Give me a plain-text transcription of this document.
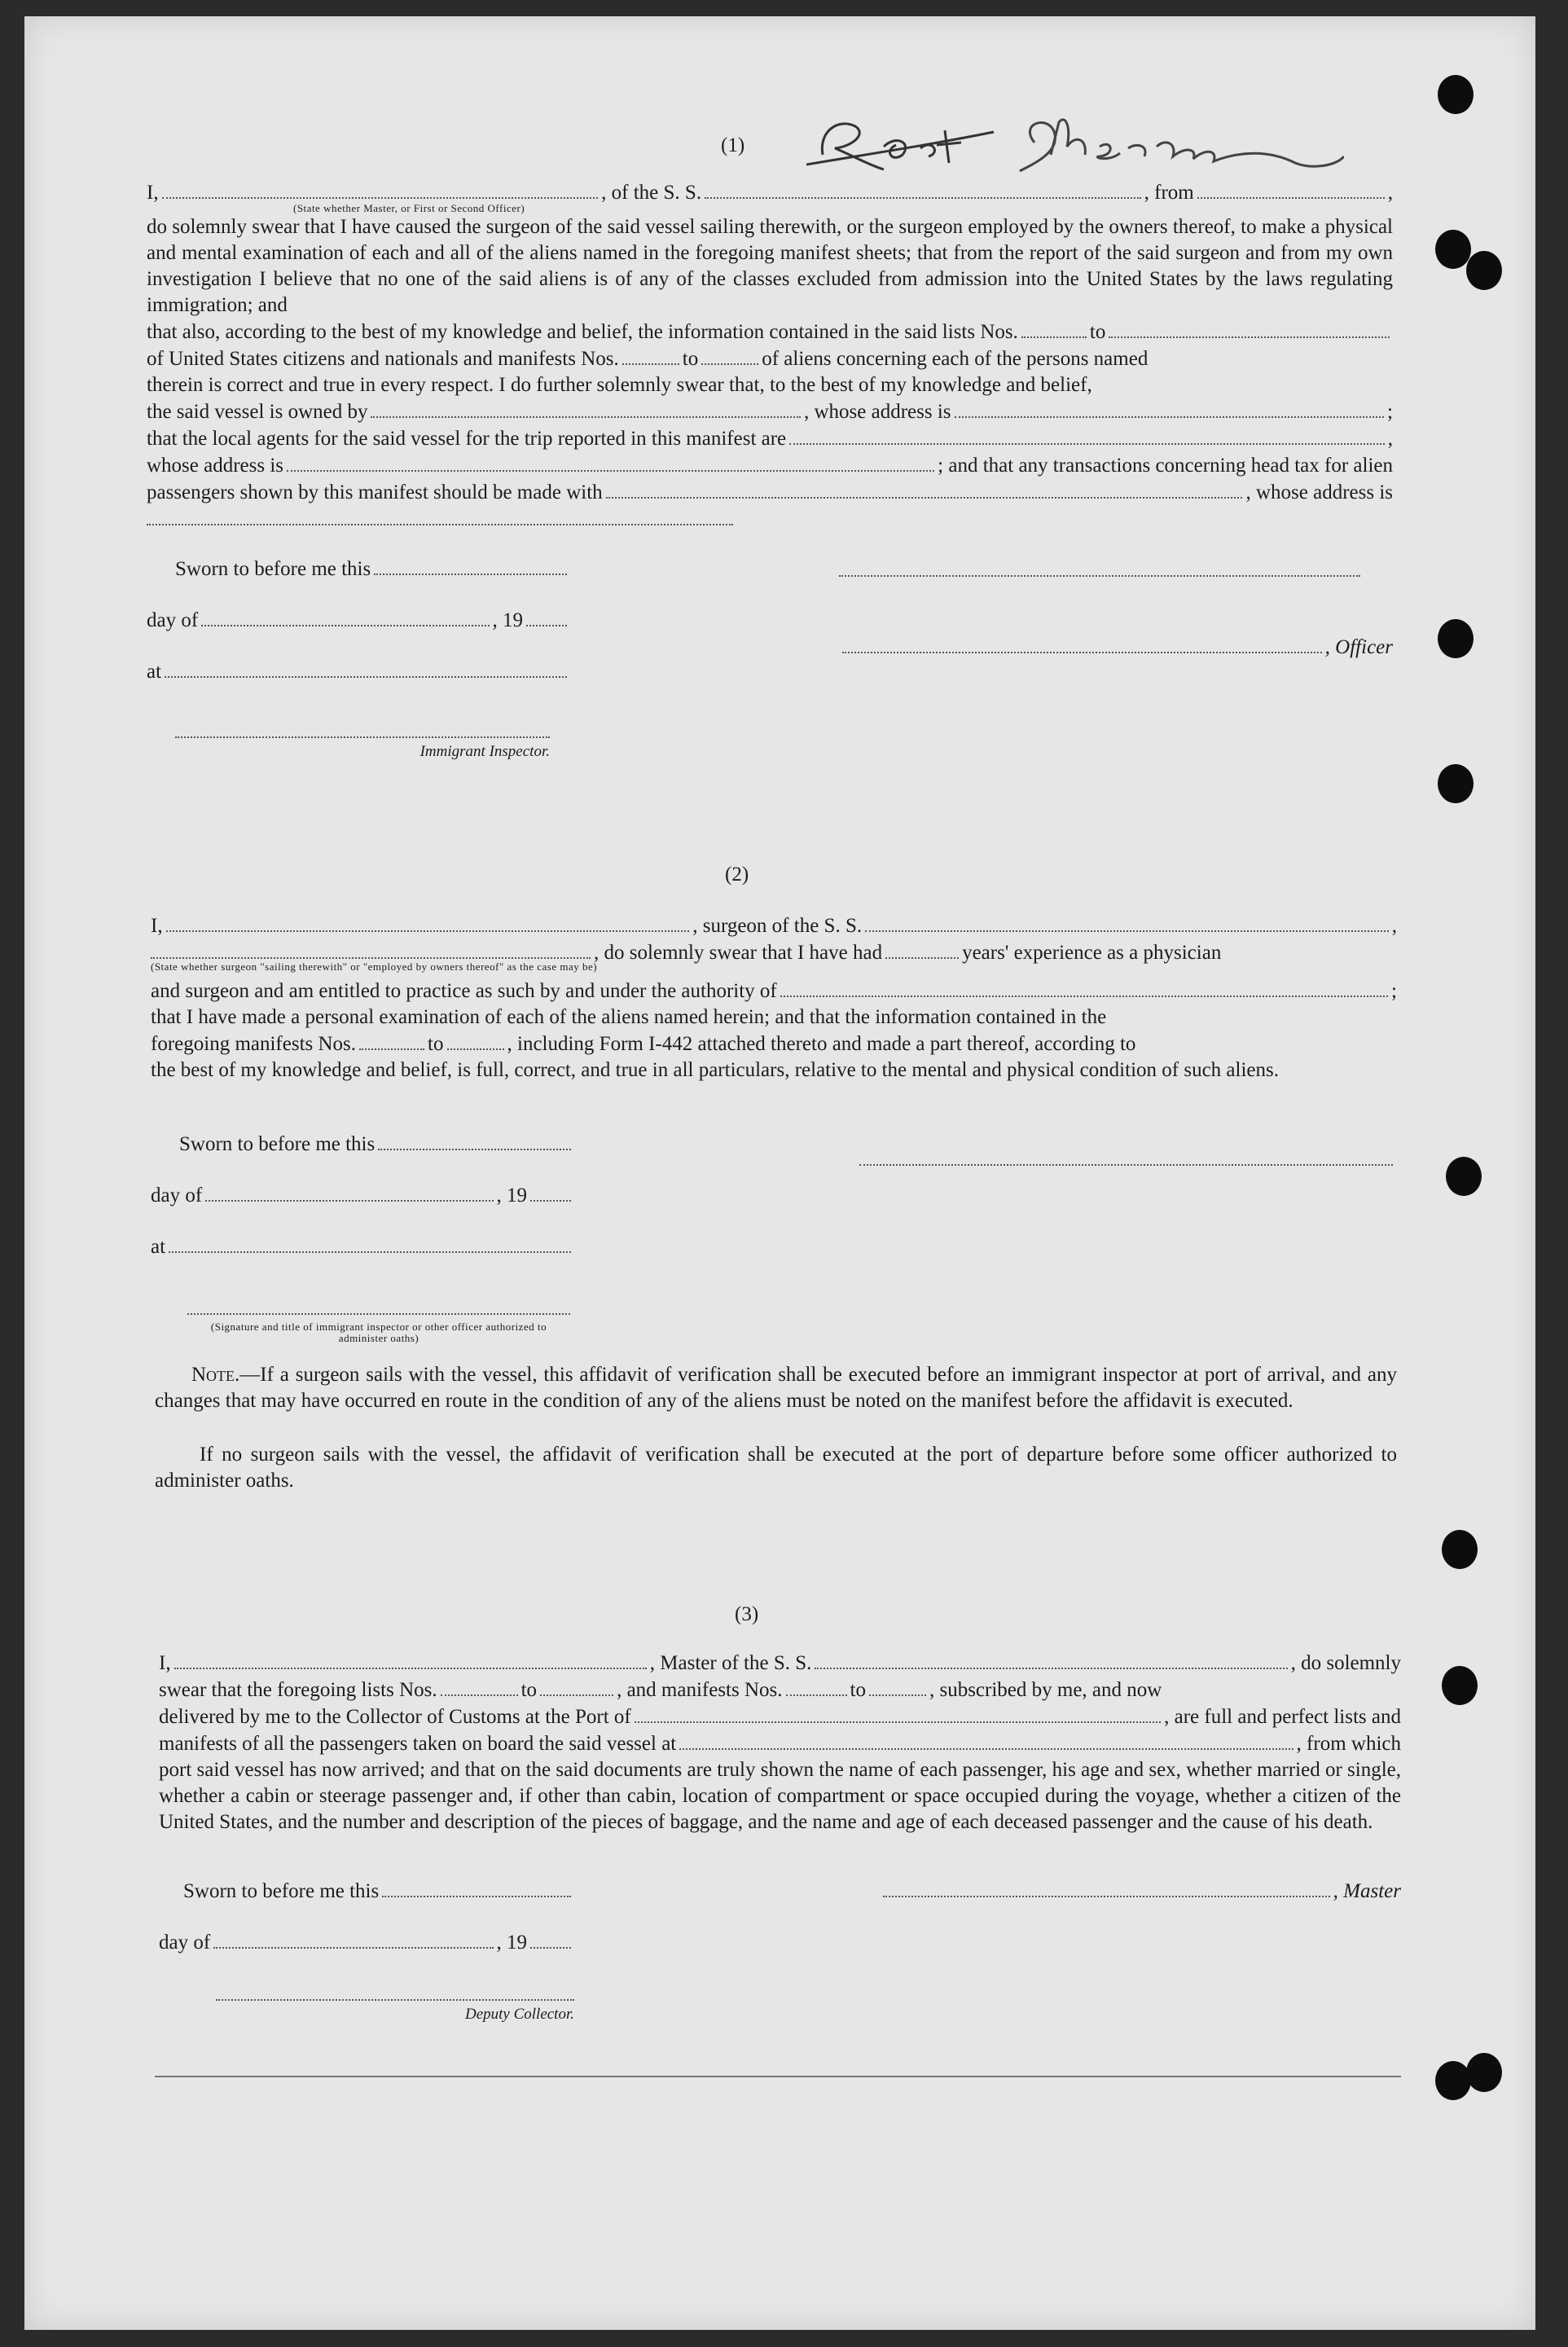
Rosa Shen
(1)
I,	, of the S. S.	, from	,
(State whether Master, or First or Second Officer)
do solemnly swear that I have caused the surgeon of the said vessel sailing therewith, or the surgeon employed by the owners thereof, to make a physical and mental examination of each and all of the aliens named in the foregoing manifest sheets; that from the report of the said surgeon and from my own investigation I believe that no one of the said aliens is of any of the classes excluded from admission into the United States by the laws regulating immigration; and
that also, according to the best of my knowledge and belief, the information contained in the said lists Nos.	to
of United States citizens and nationals and manifests Nos.	to	of aliens concerning each of the persons named
therein is correct and true in every respect. I do further solemnly swear that, to the best of my knowledge and belief,
the said vessel is owned by	, whose address is	;
that the local agents for the said vessel for the trip reported in this manifest are	,
whose address is	; and that any transactions concerning head tax for alien
passengers shown by this manifest should be made with	, whose address is
Sworn to before me this
day of	, 19
at
Immigrant Inspector.
, Officer
(2)
I,	, surgeon of the S. S.	,
, do solemnly swear that I have had	years' experience as a physician
(State whether surgeon "sailing therewith" or "employed by owners thereof" as the case may be)
and surgeon and am entitled to practice as such by and under the authority of	;
that I have made a personal examination of each of the aliens named herein; and that the information contained in the
foregoing manifests Nos.	to	, including Form I-442 attached thereto and made a part thereof, according to
the best of my knowledge and belief, is full, correct, and true in all particulars, relative to the mental and physical condition of such aliens.
Sworn to before me this
day of	, 19
at
(Signature and title of immigrant inspector or other officer authorized to administer oaths)
Note.—If a surgeon sails with the vessel, this affidavit of verification shall be executed before an immigrant inspector at port of arrival, and any changes that may have occurred en route in the condition of any of the aliens must be noted on the manifest before the affidavit is executed.
If no surgeon sails with the vessel, the affidavit of verification shall be executed at the port of departure before some officer authorized to administer oaths.
(3)
I,	, Master of the S. S.	, do solemnly
swear that the foregoing lists Nos.	to	, and manifests Nos.	to	, subscribed by me, and now
delivered by me to the Collector of Customs at the Port of	, are full and perfect lists and
manifests of all the passengers taken on board the said vessel at	, from which
port said vessel has now arrived; and that on the said documents are truly shown the name of each passenger, his age and sex, whether married or single, whether a cabin or steerage passenger and, if other than cabin, location of compartment or space occupied during the voyage, whether a citizen of the United States, and the number and description of the pieces of baggage, and the name and age of each deceased passenger and the cause of his death.
Sworn to before me this
day of	, 19
, Master
Deputy Collector.
